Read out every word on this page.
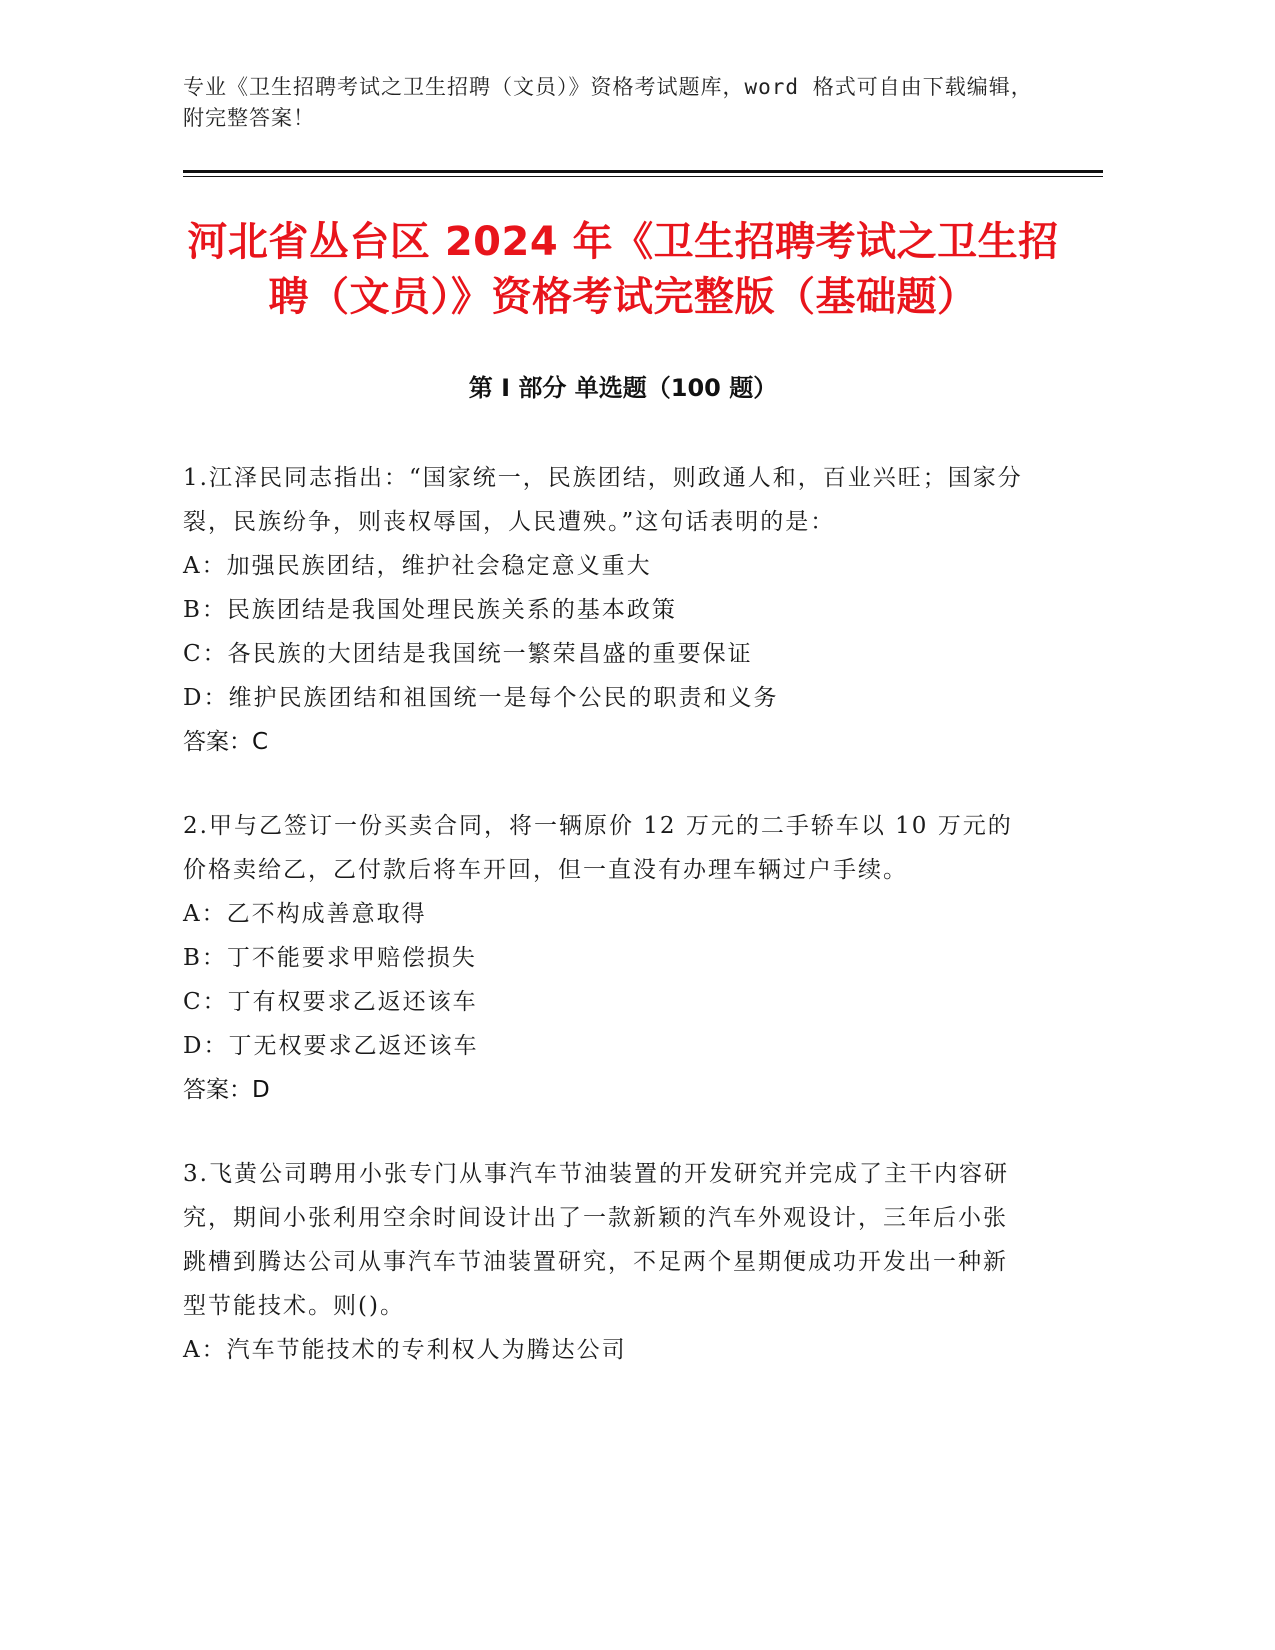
专业《卫生招聘考试之卫生招聘（文员）》资格考试题库，word 格式可自由下载编辑，附完整答案！
河北省丛台区 2024 年《卫生招聘考试之卫生招聘（文员）》资格考试完整版（基础题）
第 I 部分 单选题（100 题）
1.江泽民同志指出：“国家统一，民族团结，则政通人和，百业兴旺；国家分裂，民族纷争，则丧权辱国，人民遭殃。”这句话表明的是：
A：加强民族团结，维护社会稳定意义重大
B：民族团结是我国处理民族关系的基本政策
C：各民族的大团结是我国统一繁荣昌盛的重要保证
D：维护民族团结和祖国统一是每个公民的职责和义务
答案：C
2.甲与乙签订一份买卖合同，将一辆原价 12 万元的二手轿车以 10 万元的价格卖给乙，乙付款后将车开回，但一直没有办理车辆过户手续。
A：乙不构成善意取得
B：丁不能要求甲赔偿损失
C：丁有权要求乙返还该车
D：丁无权要求乙返还该车
答案：D
3.飞黄公司聘用小张专门从事汽车节油装置的开发研究并完成了主干内容研究，期间小张利用空余时间设计出了一款新颖的汽车外观设计，三年后小张跳槽到腾达公司从事汽车节油装置研究，不足两个星期便成功开发出一种新型节能技术。则()。
A：汽车节能技术的专利权人为腾达公司
